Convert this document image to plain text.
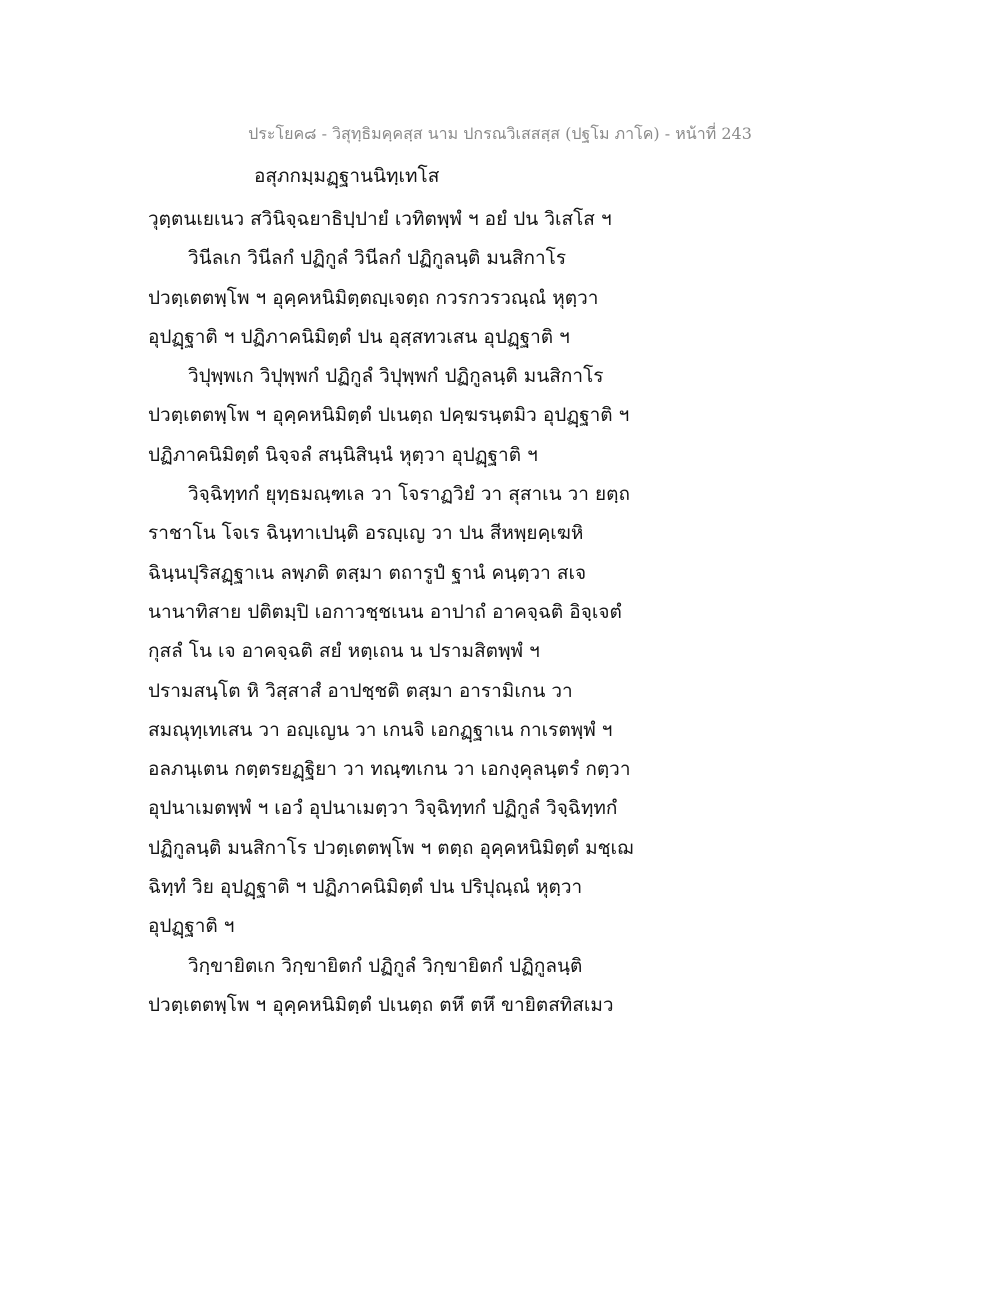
ประโยค๘ - วิสุทฺธิมคฺคสฺส นาม ปกรณวิเสสสฺส (ปฐโม ภาโค) - หน้าที่ 243
อสุภกมฺมฏฺฐานนิทฺเทโส
วุตฺตนเยเนว สวินิจฺฉยาธิปฺปายํ เวทิตพฺพํ ฯ อยํ ปน วิเสโส ฯ
วินีลเก วินีลกํ ปฏิกูลํ วินีลกํ ปฏิกูลนฺติ มนสิกาโร
ปวตฺเตตพฺโพ ฯ อุคฺคหนิมิตฺตญฺเจตฺถ กวรกวรวณฺณํ หุตฺวา
อุปฏฺฐาติ ฯ ปฏิภาคนิมิตฺตํ ปน อุสฺสทวเสน อุปฏฺฐาติ ฯ
วิปุพฺพเก วิปุพฺพกํ ปฏิกูลํ วิปุพฺพกํ ปฏิกูลนฺติ มนสิกาโร
ปวตฺเตตพฺโพ ฯ อุคฺคหนิมิตฺตํ ปเนตฺถ ปคฺฆรนฺตมิว อุปฏฺฐาติ ฯ
ปฏิภาคนิมิตฺตํ นิจฺจลํ สนฺนิสินฺนํ หุตฺวา อุปฏฺฐาติ ฯ
วิจฺฉิทฺทกํ ยุทฺธมณฺฑเล วา โจราฏวิยํ วา สุสาเน วา ยตฺถ
ราชาโน โจเร ฉินฺทาเปนฺติ อรญฺเญ วา ปน สีหพฺยคฺเฆหิ
ฉินฺนปุริสฏฺฐาเน ลพฺภติ ตสฺมา ตถารูปํ ฐานํ คนฺตฺวา สเจ
นานาทิสาย ปติตมฺปิ เอกาวชฺชเนน อาปาถํ อาคจฺฉติ อิจฺเจตํ
กุสลํ โน เจ อาคจฺฉติ สยํ หตฺเถน น ปรามสิตพฺพํ ฯ
ปรามสนฺโต หิ วิสฺสาสํ อาปชฺชติ ตสฺมา อารามิเกน วา
สมณุทฺเทเสน วา อญฺเญน วา เกนจิ เอกฏฺฐาเน กาเรตพฺพํ ฯ
อลภนฺเตน กตฺตรยฏฺฐิยา วา ทณฺฑเกน วา เอกงฺคุลนฺตรํ กตฺวา
อุปนาเมตพฺพํ ฯ เอวํ อุปนาเมตฺวา วิจฺฉิทฺทกํ ปฏิกูลํ วิจฺฉิทฺทกํ
ปฏิกูลนฺติ มนสิกาโร ปวตฺเตตพฺโพ ฯ ตตฺถ อุคฺคหนิมิตฺตํ มชฺเฌ
ฉิทฺทํ วิย อุปฏฺฐาติ ฯ ปฏิภาคนิมิตฺตํ ปน ปริปุณฺณํ หุตฺวา
อุปฏฺฐาติ ฯ
วิกฺขายิตเก วิกฺขายิตกํ ปฏิกูลํ วิกฺขายิตกํ ปฏิกูลนฺติ
ปวตฺเตตพฺโพ ฯ อุคฺคหนิมิตฺตํ ปเนตฺถ ตหึ ตหึ ขายิตสทิสเมว
